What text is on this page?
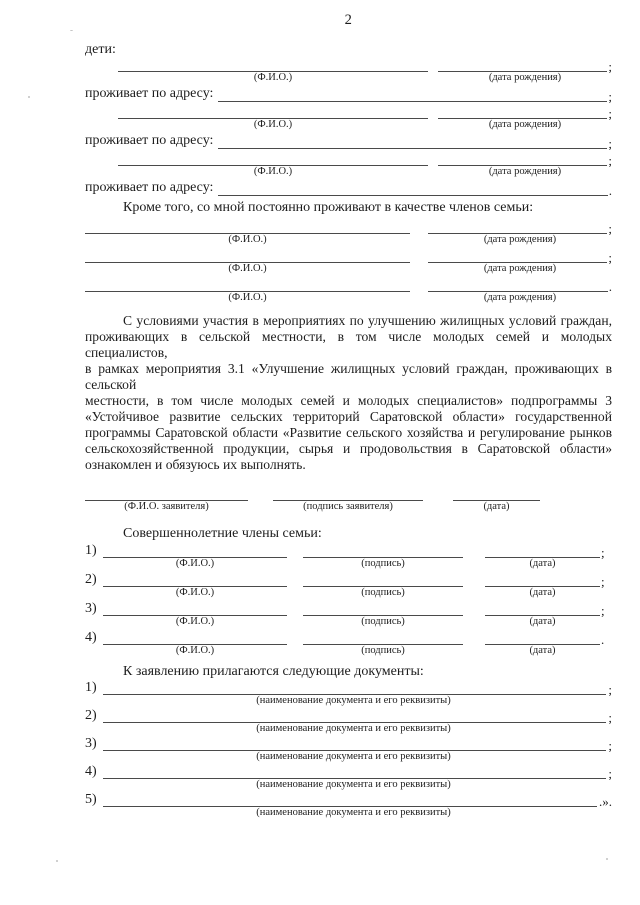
2
дети:
;
(Ф.И.О.)	(дата рождения)
проживает по адресу:	;
;
(Ф.И.О.)	(дата рождения)
проживает по адресу:	;
;
(Ф.И.О.)	(дата рождения)
проживает по адресу:	.
Кроме того, со мной постоянно проживают в качестве членов семьи:
;
(Ф.И.О.)	(дата рождения)
;
(Ф.И.О.)	(дата рождения)
.
(Ф.И.О.)	(дата рождения)
С условиями участия в мероприятиях по улучшению жилищных условий граждан,
проживающих в сельской местности, в том числе молодых семей и молодых специалистов,
в рамках мероприятия 3.1 «Улучшение жилищных условий граждан, проживающих в сельской
местности, в том числе молодых семей и молодых специалистов» подпрограммы 3
«Устойчивое развитие сельских территорий Саратовской области» государственной
программы Саратовской области «Развитие сельского хозяйства и регулирование рынков
сельскохозяйственной продукции, сырья и продовольствия в Саратовской области»
ознакомлен и обязуюсь их выполнять.
(Ф.И.О. заявителя)	(подпись заявителя)	(дата)
Совершеннолетние члены семьи:
1)	;
(Ф.И.О.)	(подпись)	(дата)
2)	;
(Ф.И.О.)	(подпись)	(дата)
3)	;
(Ф.И.О.)	(подпись)	(дата)
4)	.
(Ф.И.О.)	(подпись)	(дата)
К заявлению прилагаются следующие документы:
1)	;
(наименование документа и его реквизиты)
2)	;
(наименование документа и его реквизиты)
3)	;
(наименование документа и его реквизиты)
4)	;
(наименование документа и его реквизиты)
5)	.».
(наименование документа и его реквизиты)
